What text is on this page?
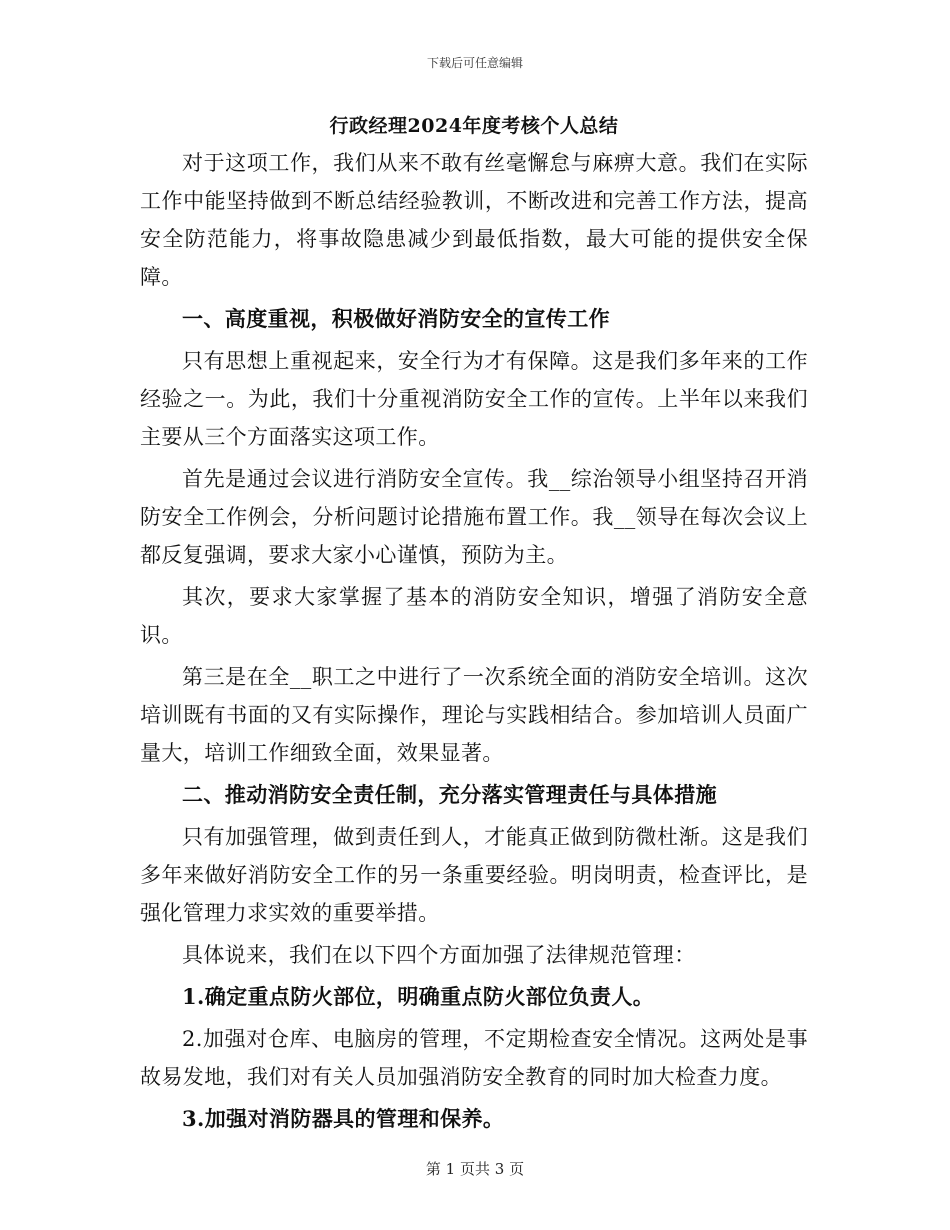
下载后可任意编辑
行政经理2024年度考核个人总结

对于这项工作，我们从来不敢有丝毫懈怠与麻痹大意。我们在实际工作中能坚持做到不断总结经验教训，不断改进和完善工作方法，提高安全防范能力，将事故隐患减少到最低指数，最大可能的提供安全保障。

一、高度重视，积极做好消防安全的宣传工作

只有思想上重视起来，安全行为才有保障。这是我们多年来的工作经验之一。为此，我们十分重视消防安全工作的宣传。上半年以来我们主要从三个方面落实这项工作。

首先是通过会议进行消防安全宣传。我__综治领导小组坚持召开消防安全工作例会，分析问题讨论措施布置工作。我__领导在每次会议上都反复强调，要求大家小心谨慎，预防为主。

其次，要求大家掌握了基本的消防安全知识，增强了消防安全意识。

第三是在全__职工之中进行了一次系统全面的消防安全培训。这次培训既有书面的又有实际操作，理论与实践相结合。参加培训人员面广量大，培训工作细致全面，效果显著。

二、推动消防安全责任制，充分落实管理责任与具体措施

只有加强管理，做到责任到人，才能真正做到防微杜渐。这是我们多年来做好消防安全工作的另一条重要经验。明岗明责，检查评比，是强化管理力求实效的重要举措。

具体说来，我们在以下四个方面加强了法律规范管理：

1.确定重点防火部位，明确重点防火部位负责人。

2.加强对仓库、电脑房的管理，不定期检查安全情况。这两处是事故易发地，我们对有关人员加强消防安全教育的同时加大检查力度。

3.加强对消防器具的管理和保养。

第 1 页共 3 页
